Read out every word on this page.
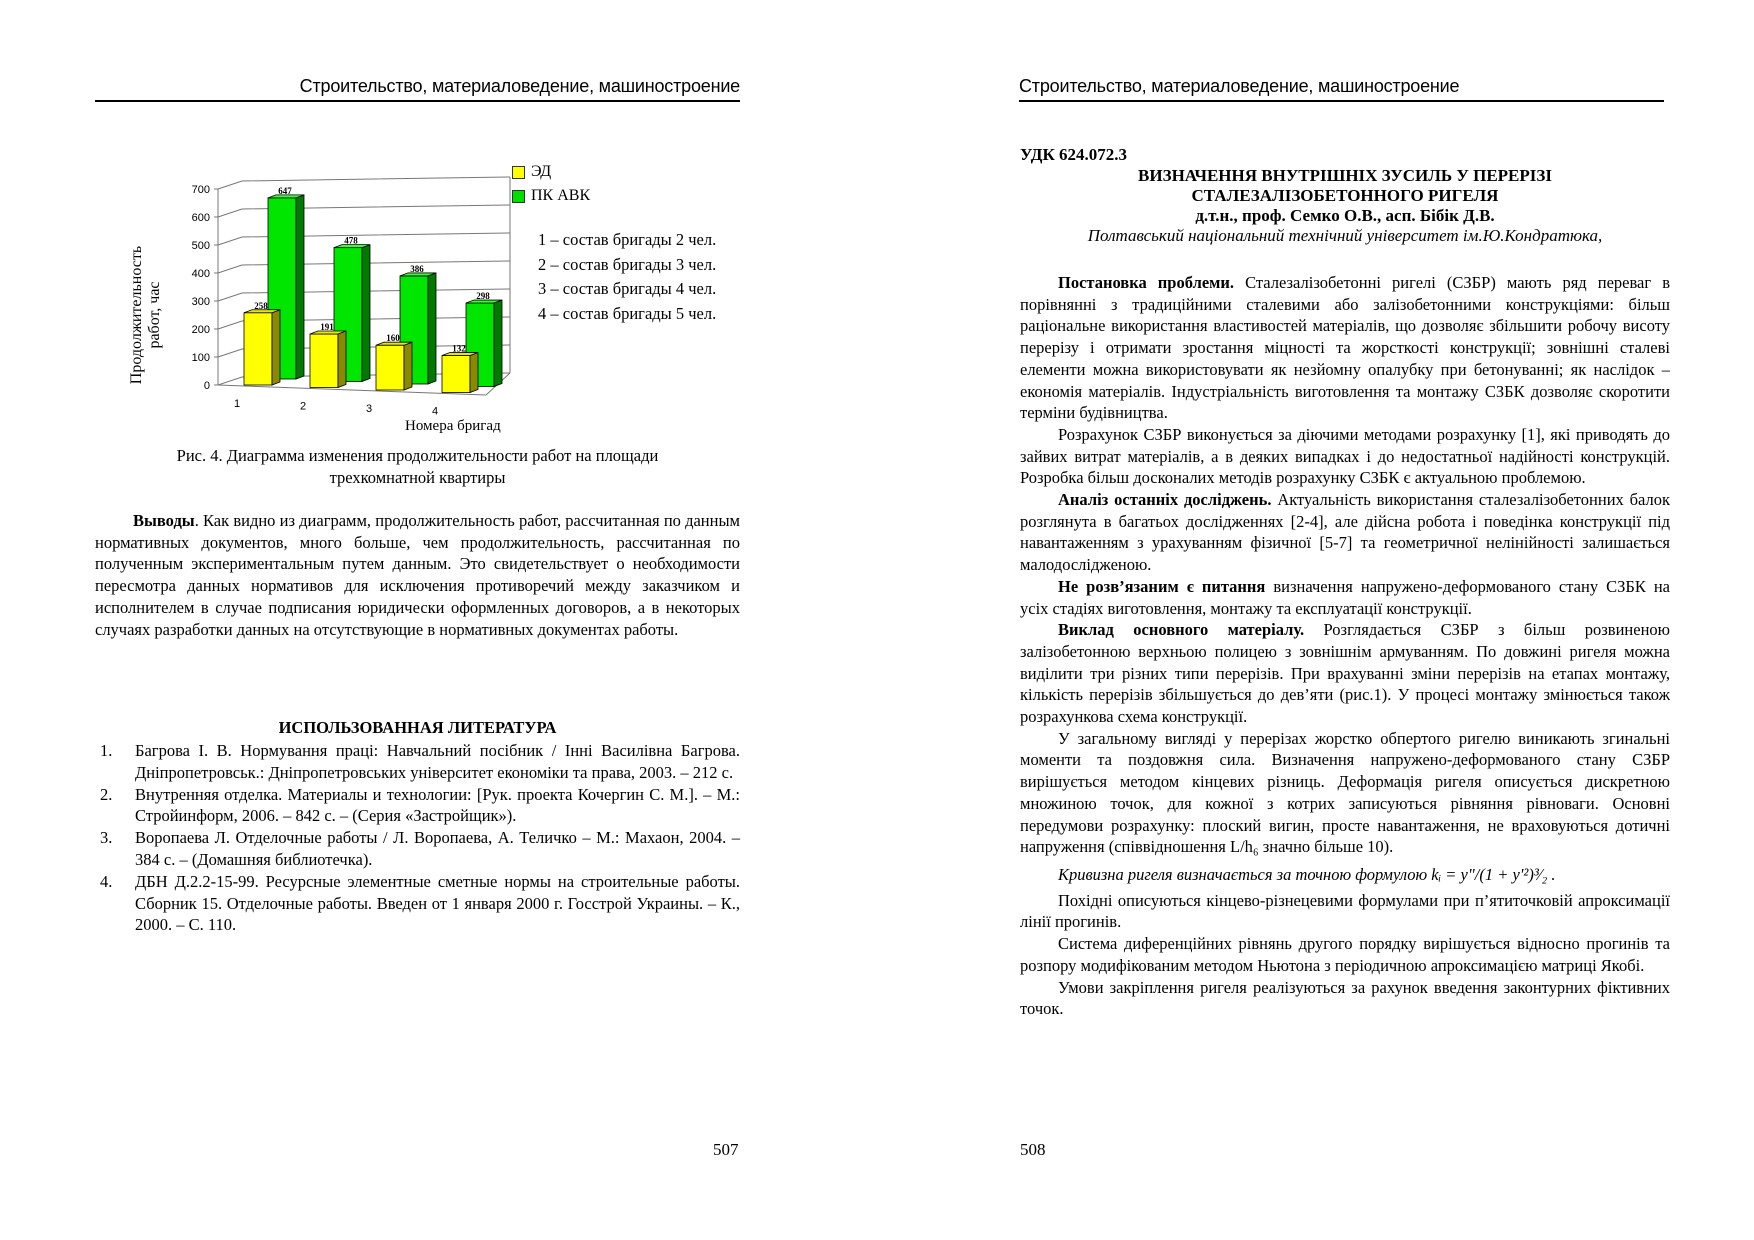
Строительство, материаловедение, машиностроение
0
100
200
300
400
500
600
700	647
258
478
191
386
160
298
132
1	2	3	4
Продолжительность работ, час
ЭД
ПК АВК
1 – состав бригады 2 чел.
2 – состав бригады 3 чел.
3 – состав бригады 4 чел.
4 – состав бригады 5 чел.
Номера бригад
Рис. 4. Диаграмма изменения продолжительности работ на площади
трехкомнатной квартиры

Выводы. Как видно из диаграмм, продолжительность работ, рассчитанная по данным нормативных документов, много больше, чем продолжительность, рассчитанная по полученным экспериментальным путем данным. Это свидетельствует о необходимости пересмотра данных нормативов для исключения противоречий между заказчиком и исполнителем в случае подписания юридически оформленных договоров, а в некоторых случаях разработки данных на отсутствующие в нормативных документах работы.

ИСПОЛЬЗОВАННАЯ ЛИТЕРАТУРА
1. Багрова І. В. Нормування праці: Навчальний посібник / Інні Василівна Багрова. Дніпропетровськ.: Дніпропетровських університет економіки та права, 2003. – 212 с.
2. Внутренняя отделка. Материалы и технологии: [Рук. проекта Кочергин С. М.]. – М.: Стройинформ, 2006. – 842 с. – (Серия «Застройщик»).
3. Воропаева Л. Отделочные работы / Л. Воропаева, А. Теличко – М.: Махаон, 2004. – 384 с. – (Домашняя библиотечка).
4. ДБН Д.2.2-15-99. Ресурсные элементные сметные нормы на строительные работы. Сборник 15. Отделочные работы. Введен от 1 января 2000 г. Госстрой Украины. – К., 2000. – С. 110.
507
Строительство, материаловедение, машиностроение
УДК 624.072.3
ВИЗНАЧЕННЯ ВНУТРІШНІХ ЗУСИЛЬ У ПЕРЕРІЗІ
СТАЛЕЗАЛІЗОБЕТОННОГО РИГЕЛЯ
д.т.н., проф. Семко О.В., асп. Бібік Д.В.
Полтавський національний технічний університет ім.Ю.Кондратюка,

Постановка проблеми. Сталезалізобетонні ригелі (СЗБР) мають ряд переваг в порівнянні з традиційними сталевими або залізобетонними конструкціями: більш раціональне використання властивостей матеріалів, що дозволяє збільшити робочу висоту перерізу і отримати зростання міцності та жорсткості конструкції; зовнішні сталеві елементи можна використовувати як незйомну опалубку при бетонуванні; як наслідок – економія матеріалів. Індустріальність виготовлення та монтажу СЗБК дозволяє скоротити терміни будівництва.

Розрахунок СЗБР виконується за діючими методами розрахунку [1], які приводять до зайвих витрат матеріалів, а в деяких випадках і до недостатньої надійності конструкцій. Розробка більш досконалих методів розрахунку СЗБК є актуальною проблемою.

Аналіз останніх досліджень. Актуальність використання сталезалізобетонних балок розглянута в багатьох дослідженнях [2-4], але дійсна робота і поведінка конструкції під навантаженням з урахуванням фізичної [5-7] та геометричної нелінійності залишається малодослідженою.

Не розв’язаним є питання визначення напружено-деформованого стану СЗБК на усіх стадіях виготовлення, монтажу та експлуатації конструкції.

Виклад основного матеріалу. Розглядається СЗБР з більш розвиненою залізобетонною верхньою полицею з зовнішнім армуванням. По довжині ригеля можна виділити три різних типи перерізів. При врахуванні зміни перерізів на етапах монтажу, кількість перерізів збільшується до дев’яти (рис.1). У процесі монтажу змінюється також розрахункова схема конструкції.

У загальному вигляді у перерізах жорстко обпертого ригелю виникають згинальні моменти та поздовжня сила. Визначення напружено-деформованого стану СЗБР вирішується методом кінцевих різниць. Деформація ригеля описується дискретною множиною точок, для кожної з котрих записуються рівняння рівноваги. Основні передумови розрахунку: плоский вигин, просте навантаження, не враховуються дотичні напруження (співвідношення L/h₆ значно більше 10).

Кривизна ригеля визначається за точною формулою kᵢ = y"/(1 + y'²)³⁄₂ .

Похідні описуються кінцево-різнецевими формулами при п’ятиточковій апроксимації лінії прогинів.

Система диференційних рівнянь другого порядку вирішується відносно прогинів та розпору модифікованим методом Ньютона з періодичною апроксимацією матриці Якобі.

Умови закріплення ригеля реалізуються за рахунок введення законтурних фіктивних точок.

508
